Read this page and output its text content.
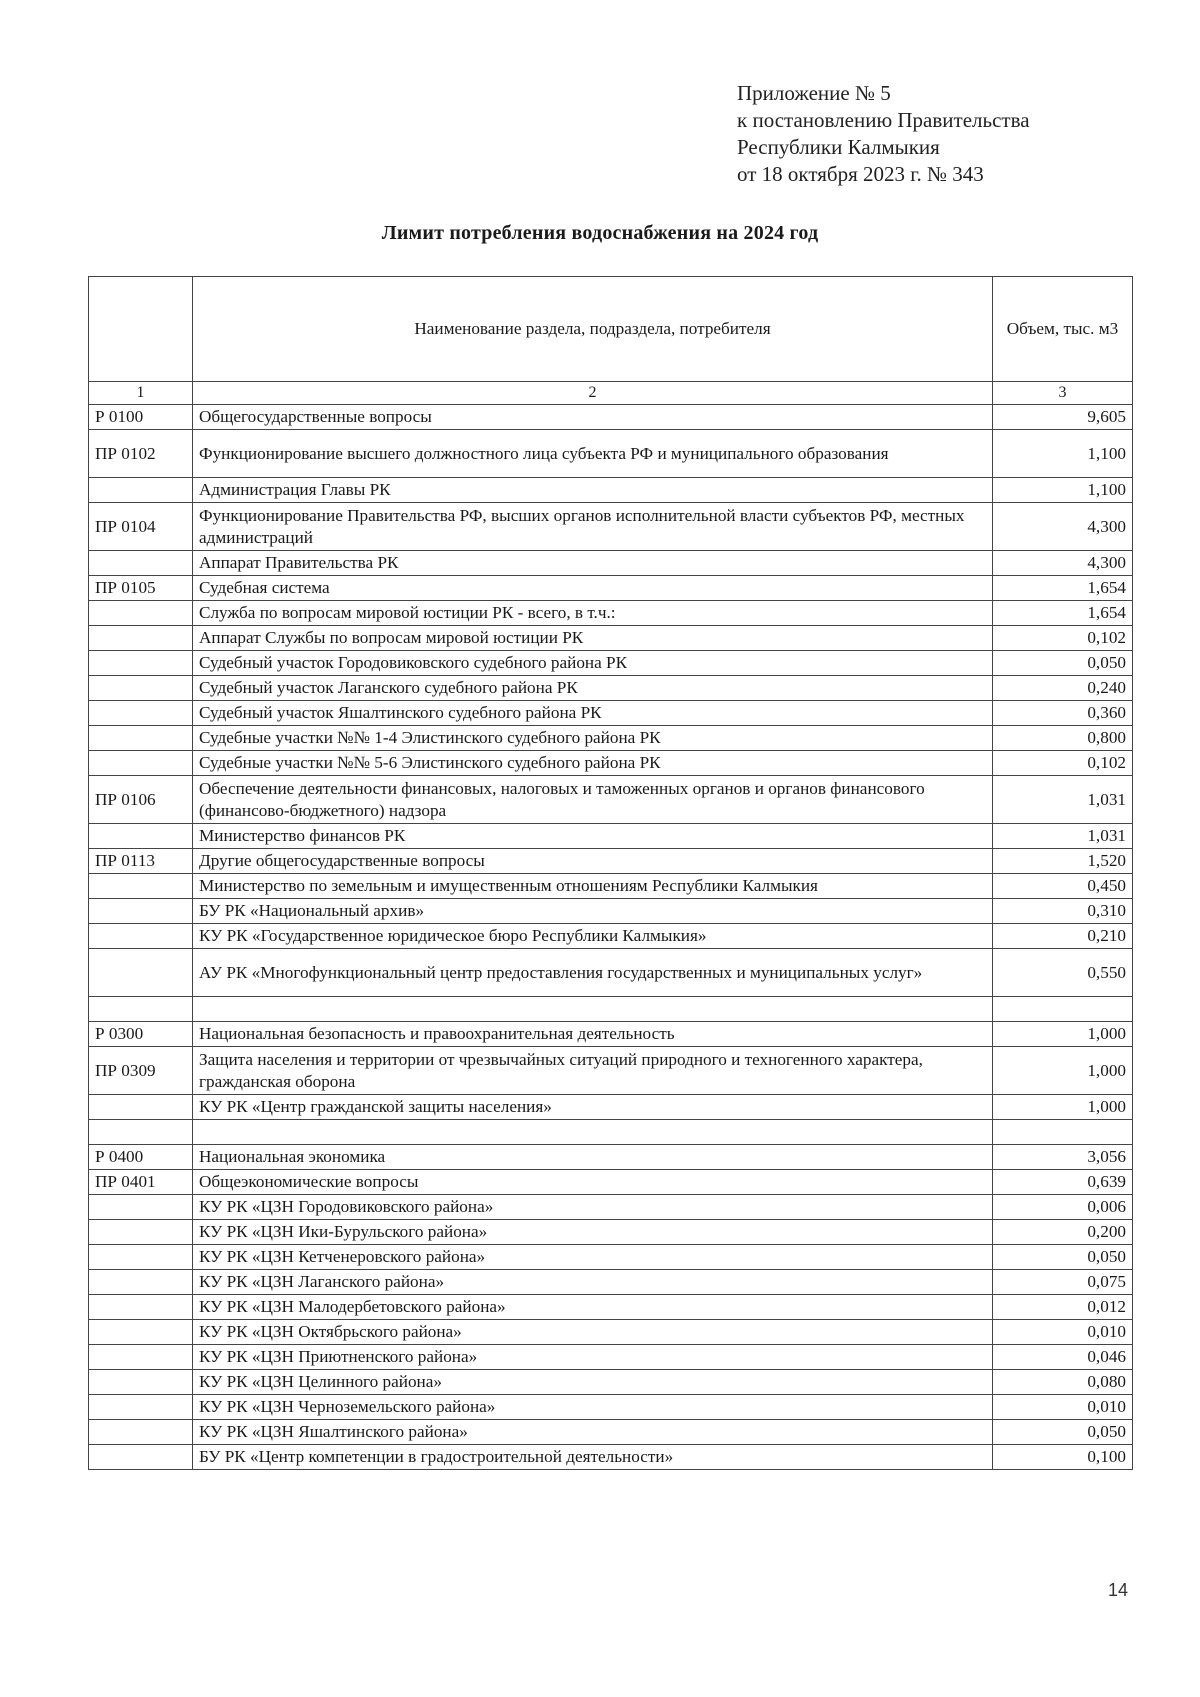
Приложение № 5
к постановлению Правительства
Республики Калмыкия
от 18 октября 2023 г. № 343
Лимит потребления водоснабжения на 2024 год
	Наименование раздела, подраздела, потребителя	Объем, тыс. м3
1	2	3
Р 0100	Общегосударственные вопросы	9,605
ПР 0102	Функционирование высшего должностного лица субъекта РФ и муниципального образования	1,100
	Администрация Главы РК	1,100
ПР 0104	Функционирование Правительства РФ, высших органов исполнительной власти субъектов РФ, местных администраций	4,300
	Аппарат Правительства РК	4,300
ПР 0105	Судебная система	1,654
	Служба по вопросам мировой юстиции РК - всего, в т.ч.:	1,654
	Аппарат Службы по вопросам мировой юстиции РК	0,102
	Судебный участок Городовиковского судебного района РК	0,050
	Судебный участок Лаганского судебного района РК	0,240
	Судебный участок Яшалтинского судебного района РК	0,360
	Судебные участки №№ 1-4 Элистинского судебного района РК	0,800
	Судебные участки №№ 5-6 Элистинского судебного района РК	0,102
ПР 0106	Обеспечение деятельности финансовых, налоговых и таможенных органов и органов финансового (финансово-бюджетного) надзора	1,031
	Министерство финансов РК	1,031
ПР 0113	Другие общегосударственные вопросы	1,520
	Министерство по земельным и имущественным отношениям Республики Калмыкия	0,450
	БУ РК «Национальный архив»	0,310
	КУ РК «Государственное юридическое бюро Республики Калмыкия»	0,210
	АУ РК «Многофункциональный центр предоставления государственных и муниципальных услуг»	0,550

Р 0300	Национальная безопасность и правоохранительная деятельность	1,000
ПР 0309	Защита населения и территории от чрезвычайных ситуаций природного и техногенного характера, гражданская оборона	1,000
	КУ РК «Центр гражданской защиты населения»	1,000

Р 0400	Национальная экономика	3,056
ПР 0401	Общеэкономические вопросы	0,639
	КУ РК «ЦЗН Городовиковского района»	0,006
	КУ РК «ЦЗН Ики-Бурульского района»	0,200
	КУ РК «ЦЗН Кетченеровского района»	0,050
	КУ РК «ЦЗН Лаганского района»	0,075
	КУ РК «ЦЗН Малодербетовского района»	0,012
	КУ РК «ЦЗН Октябрьского района»	0,010
	КУ РК «ЦЗН Приютненского района»	0,046
	КУ РК «ЦЗН Целинного района»	0,080
	КУ РК «ЦЗН Черноземельского района»	0,010
	КУ РК «ЦЗН Яшалтинского района»	0,050
	БУ РК «Центр компетенции в градостроительной деятельности»	0,100
14
